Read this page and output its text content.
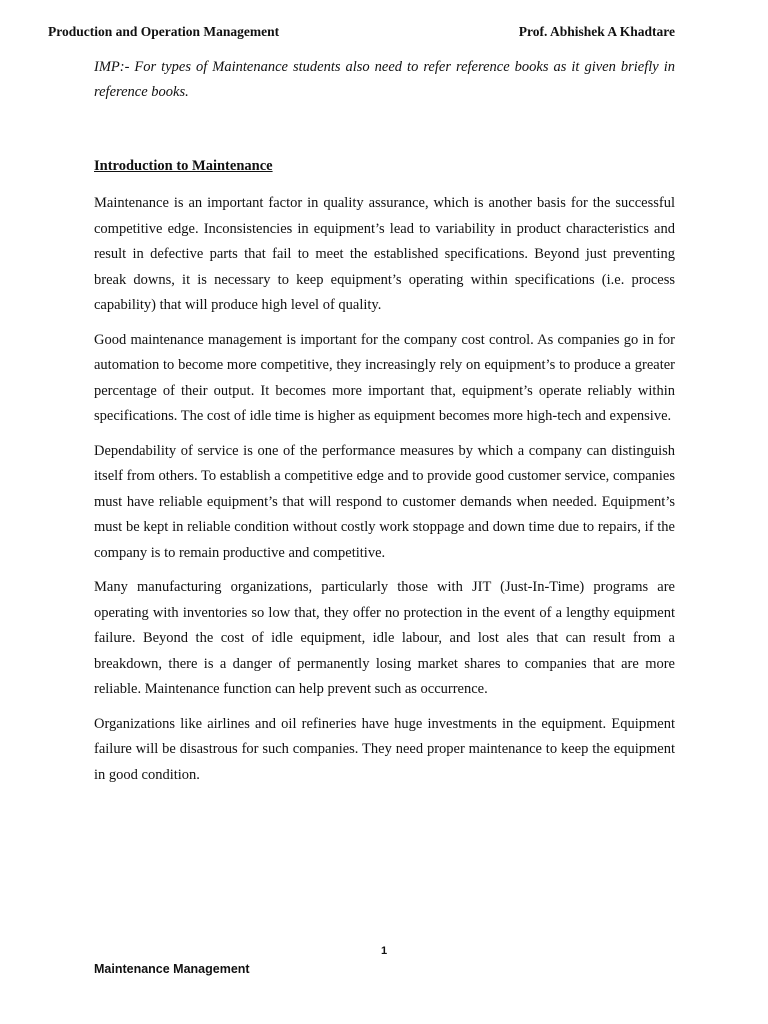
Production and Operation Management	Prof. Abhishek A Khadtare
IMP:- For types of Maintenance students also need to refer reference books as it given briefly in reference books.
Introduction to Maintenance

Maintenance is an important factor in quality assurance, which is another basis for the successful competitive edge. Inconsistencies in equipment’s lead to variability in product characteristics and result in defective parts that fail to meet the established specifications. Beyond just preventing break downs, it is necessary to keep equipment’s operating within specifications (i.e. process capability) that will produce high level of quality.

Good maintenance management is important for the company cost control. As companies go in for automation to become more competitive, they increasingly rely on equipment’s to produce a greater percentage of their output. It becomes more important that, equipment’s operate reliably within specifications. The cost of idle time is higher as equipment becomes more high-tech and expensive.

Dependability of service is one of the performance measures by which a company can distinguish itself from others. To establish a competitive edge and to provide good customer service, companies must have reliable equipment’s that will respond to customer demands when needed. Equipment’s must be kept in reliable condition without costly work stoppage and down time due to repairs, if the company is to remain productive and competitive.

Many manufacturing organizations, particularly those with JIT (Just-In-Time) programs are operating with inventories so low that, they offer no protection in the event of a lengthy equipment failure. Beyond the cost of idle equipment, idle labour, and lost ales that can result from a breakdown, there is a danger of permanently losing market shares to companies that are more reliable. Maintenance function can help prevent such as occurrence.

Organizations like airlines and oil refineries have huge investments in the equipment. Equipment failure will be disastrous for such companies. They need proper maintenance to keep the equipment in good condition.

1
Maintenance Management
